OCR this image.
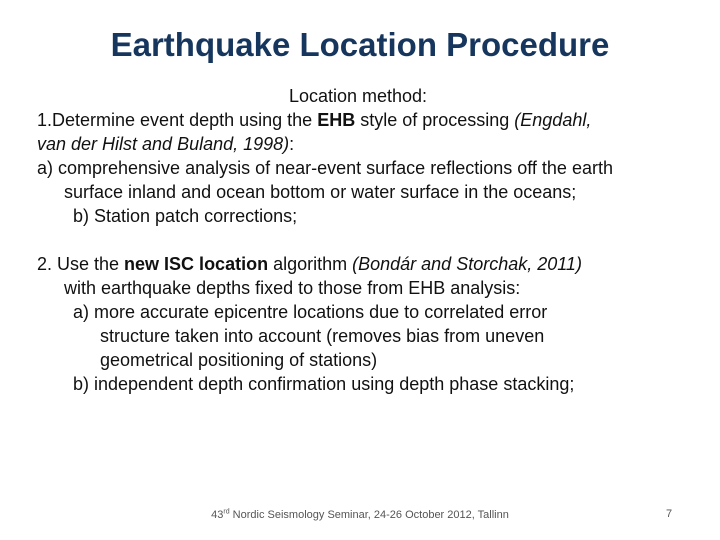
Earthquake Location Procedure
Location method:
1.Determine event depth using the EHB style of processing (Engdahl,
van der Hilst and Buland, 1998):
a) comprehensive analysis of near-event surface reflections off the earth
surface inland and ocean bottom or water surface in the oceans;
b) Station patch corrections;
2. Use the new ISC location algorithm (Bondár and Storchak, 2011)
with earthquake depths fixed to those from EHB analysis:
a) more accurate epicentre locations due to correlated error
structure taken into account (removes bias from uneven
geometrical positioning of stations)
b) independent depth confirmation using depth phase stacking;
43rd Nordic Seismology Seminar, 24-26 October 2012, Tallinn	7
